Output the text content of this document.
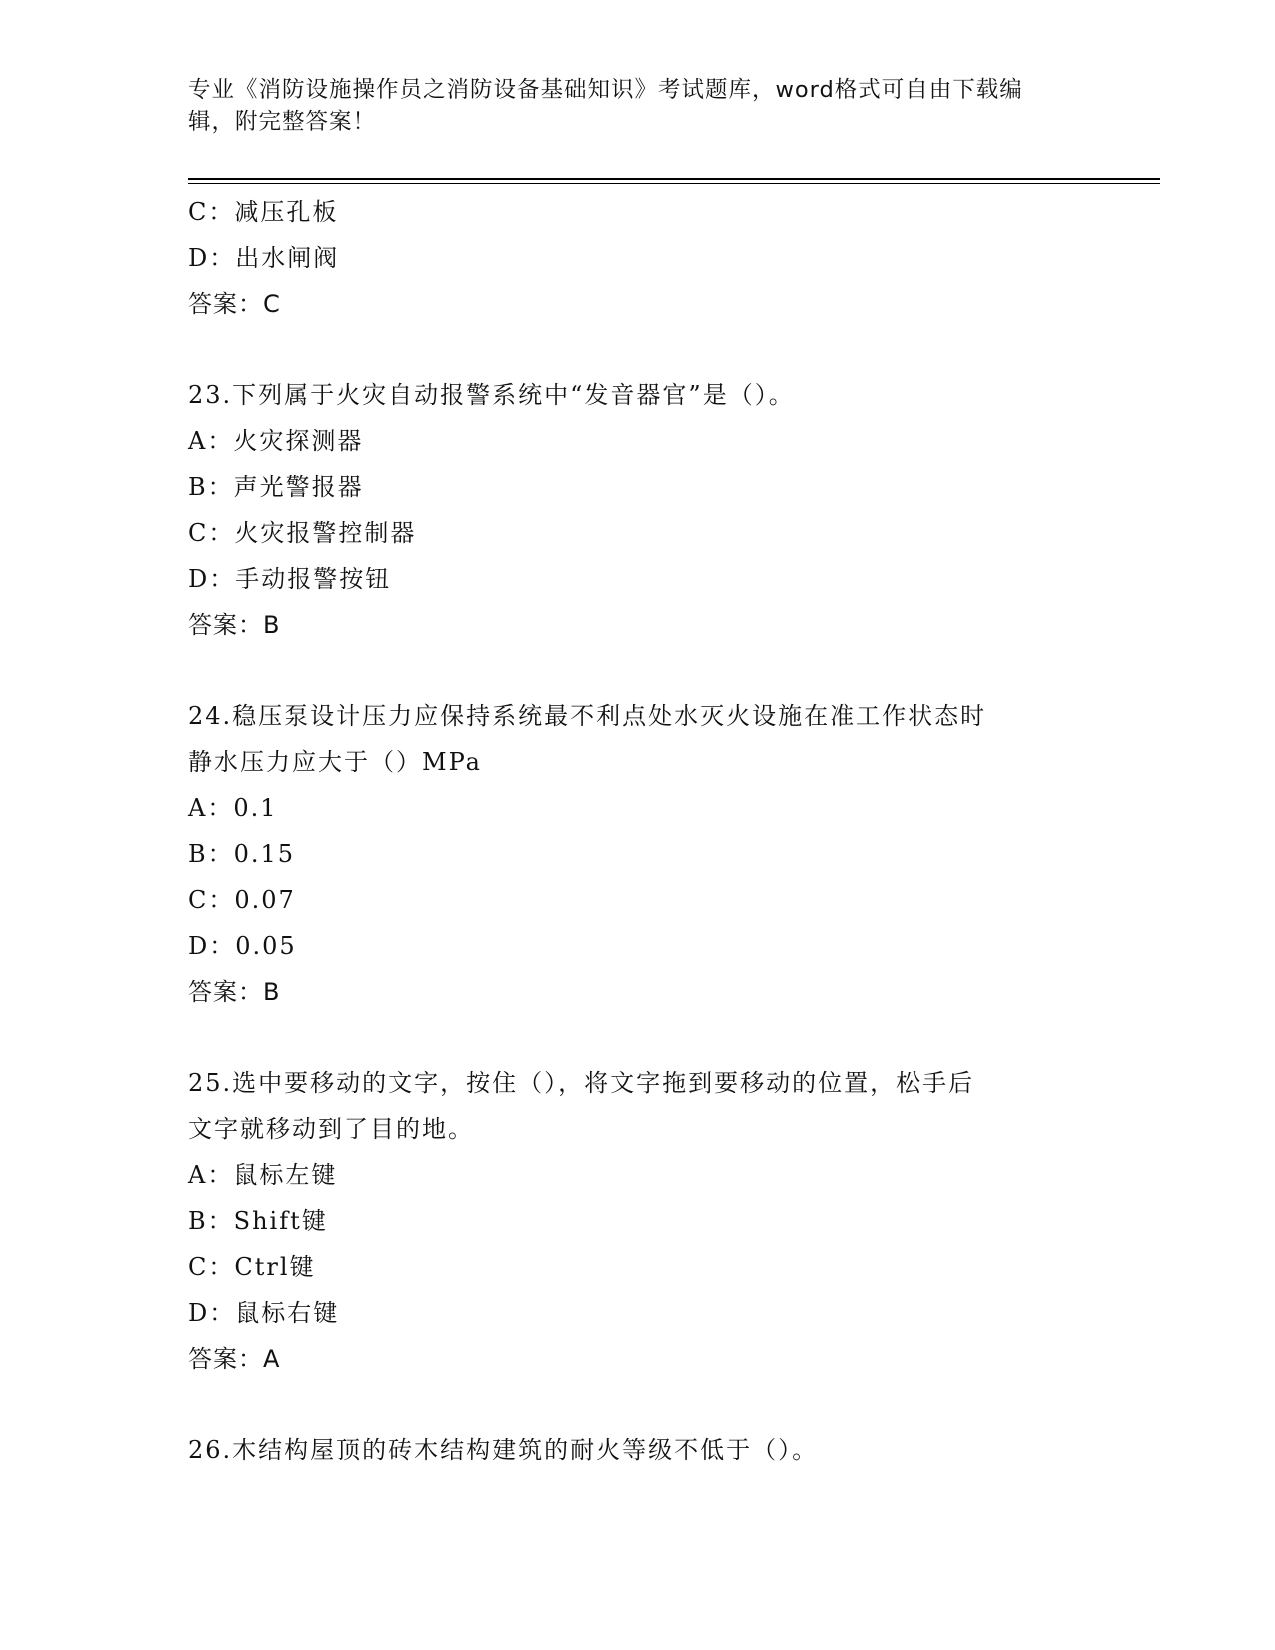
专业《消防设施操作员之消防设备基础知识》考试题库，word格式可自由下载编
辑，附完整答案！
C：减压孔板
D：出水闸阀
答案：C
23.下列属于火灾自动报警系统中“发音器官”是（）。
A：火灾探测器
B：声光警报器
C：火灾报警控制器
D：手动报警按钮
答案：B
24.稳压泵设计压力应保持系统最不利点处水灭火设施在准工作状态时
静水压力应大于（）MPa
A：0.1
B：0.15
C：0.07
D：0.05
答案：B
25.选中要移动的文字，按住（），将文字拖到要移动的位置，松手后
文字就移动到了目的地。
A：鼠标左键
B：Shift键
C：Ctrl键
D：鼠标右键
答案：A
26.木结构屋顶的砖木结构建筑的耐火等级不低于（）。
